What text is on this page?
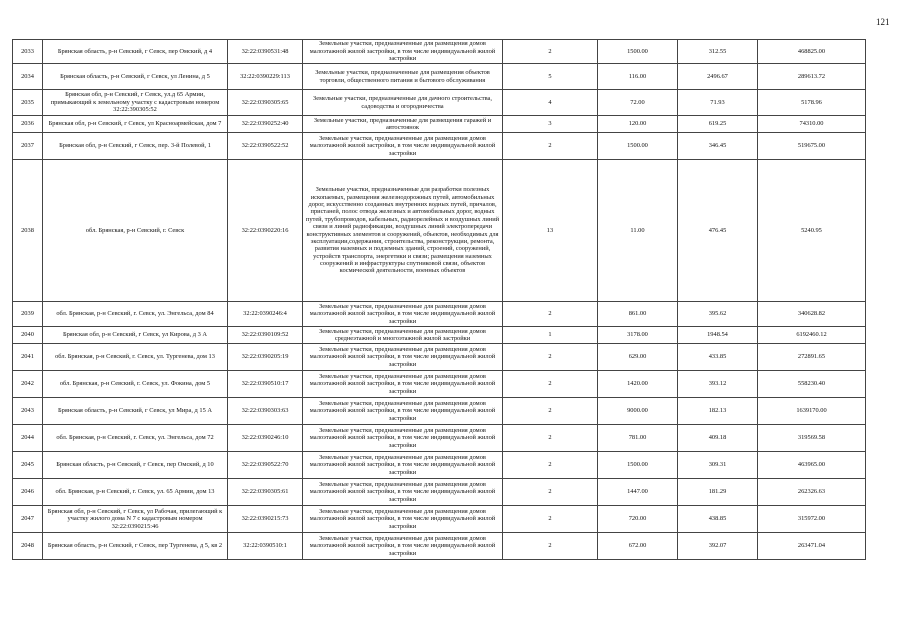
121
2033	Брянская область, р-н Севский, г Севск, пер Омский, д 4	32:22:0390531:48	Земельные участки, предназначенные для размещения домов малоэтажной жилой застройки, в том числе индивидуальной жилой застройки	2	1500.00	312.55	468825.00
2034	Брянская область, р-н Севский, г Севск, ул Ленина, д 5	32:22:0390229:113	Земельные участки, предназначенные для размещения объектов торговли, общественного питания и бытового обслуживания	5	116.00	2496.67	289613.72
2035	Брянская обл, р-н Севский, г Севск, ул.д 65 Армии, примыкающий к земельному участку с кадастровым номером 32:22:390305:52	32:22:0390305:65	Земельные участки, предназначенные для дачного строительства, садоводства и огородничества	4	72.00	71.93	5178.96
2036	Брянская обл, р-н Севский, г Севск, ул Красноармейская, дом 7	32:22:0390252:40	Земельные участки, предназначенные для размещения гаражей и автостоянок	3	120.00	619.25	74310.00
2037	Брянская обл, р-н Севский, г Севск, пер. 3-й Полевой, 1	32:22:0390522:52	Земельные участки, предназначенные для размещения домов малоэтажной жилой застройки, в том числе индивидуальной жилой застройки	2	1500.00	346.45	519675.00
2038	обл. Брянская, р-н Севский, г. Севск	32:22:0390220:16	Земельные участки, предназначенные для разработки полезных ископаемых, размещения железнодорожных путей, автомобильных дорог, искусственно созданных внутренних водных путей, причалов, пристаней, полос отвода железных и автомобильных дорог, водных путей, трубопроводов, кабельных, радиорелейных и воздушных линий связи и линий радиофикации, воздушных линий электропередачи конструктивных элементов и сооружений, объектов, необходимых для эксплуатации,содержания, строительства, реконструкции, ремонта, развития наземных и подземных зданий, строений, сооружений, устройств транспорта, энергетики и связи; размещения наземных сооружений и инфраструктуры спутниковой связи, объектов космической деятельности, военных объектов	13	11.00	476.45	5240.95
2039	обл. Брянская, р-н Севский, г. Севск, ул. Энгельса, дом 84	32:22:0390246:4	Земельные участки, предназначенные для размещения домов малоэтажной жилой застройки, в том числе индивидуальной жилой застройки	2	861.00	395.62	340628.82
2040	Брянская обл, р-н Севский, г Севск, ул Кирова, д 3 А	32:22:0390109:52	Земельные участки, предназначенные для размещения домов среднеэтажной и многоэтажной жилой застройки	1	3178.00	1948.54	6192460.12
2041	обл. Брянская, р-н Севский, г. Севск, ул. Тургенева, дом 13	32:22:0390205:19	Земельные участки, предназначенные для размещения домов малоэтажной жилой застройки, в том числе индивидуальной жилой застройки	2	629.00	433.85	272891.65
2042	обл. Брянская, р-н Севский, г. Севск, ул. Фокина, дом 5	32:22:0390510:17	Земельные участки, предназначенные для размещения домов малоэтажной жилой застройки, в том числе индивидуальной жилой застройки	2	1420.00	393.12	558230.40
2043	Брянская область, р-н Севский, г Севск, ул Мира, д 15 А	32:22:0390303:63	Земельные участки, предназначенные для размещения домов малоэтажной жилой застройки, в том числе индивидуальной жилой застройки	2	9000.00	182.13	1639170.00
2044	обл. Брянская, р-н Севский, г. Севск, ул. Энгельса, дом 72	32:22:0390246:10	Земельные участки, предназначенные для размещения домов малоэтажной жилой застройки, в том числе индивидуальной жилой застройки	2	781.00	409.18	319569.58
2045	Брянская область, р-н Севский, г Севск, пер Омский, д 10	32:22:0390522:70	Земельные участки, предназначенные для размещения домов малоэтажной жилой застройки, в том числе индивидуальной жилой застройки	2	1500.00	309.31	463965.00
2046	обл. Брянская, р-н Севский, г. Севск, ул. 65 Армии, дом 13	32:22:0390305:61	Земельные участки, предназначенные для размещения домов малоэтажной жилой застройки, в том числе индивидуальной жилой застройки	2	1447.00	181.29	262326.63
2047	Брянская обл, р-н Севский, г Севск, ул Рабочая, прилегающий к участку жилого дома N 7 с кадастровым номером 32:22:0390215:46	32:22:0390215:73	Земельные участки, предназначенные для размещения домов малоэтажной жилой застройки, в том числе индивидуальной жилой застройки	2	720.00	438.85	315972.00
2048	Брянская область, р-н Севский, г Севск, пер Тургенева, д 5, кв 2	32:22:0390510:1	Земельные участки, предназначенные для размещения домов малоэтажной жилой застройки, в том числе индивидуальной жилой застройки	2	672.00	392.07	263471.04
